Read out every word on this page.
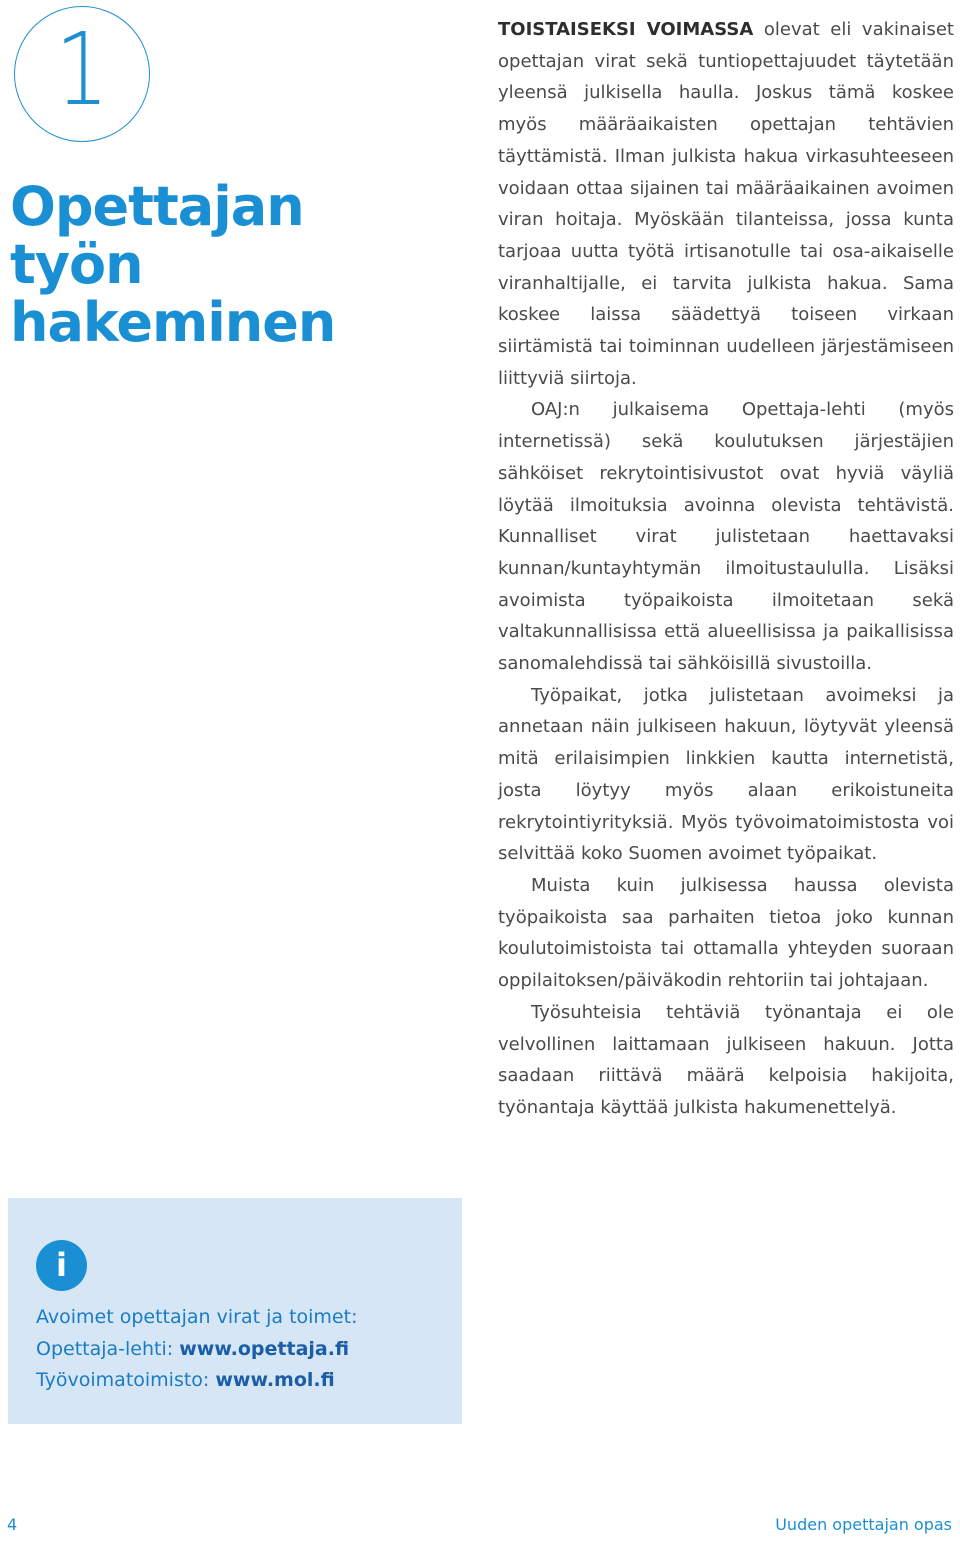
1
Opettajan
työn
hakeminen

TOISTAISEKSI VOIMASSA olevat eli vakinaiset opettajan virat sekä tuntiopettajuudet täytetään yleensä julkisella haulla. Joskus tämä koskee myös määräaikaisten opettajan tehtävien täyttämistä. Ilman julkista hakua virkasuhteeseen voidaan ottaa sijainen tai määräaikainen avoimen viran hoitaja. Myöskään tilanteissa, jossa kunta tarjoaa uutta työtä irtisanotulle tai osa-aikaiselle viranhaltijalle, ei tarvita julkista hakua. Sama koskee laissa säädettyä toiseen virkaan siirtämistä tai toiminnan uudelleen järjestämiseen liittyviä siirtoja.

OAJ:n julkaisema Opettaja-lehti (myös internetissä) sekä koulutuksen järjestäjien sähköiset rekrytointisivustot ovat hyviä väyliä löytää ilmoituksia avoinna olevista tehtävistä. Kunnalliset virat julistetaan haettavaksi kunnan/kuntayhtymän ilmoitustaululla. Lisäksi avoimista työpaikoista ilmoitetaan sekä valtakunnallisissa että alueellisissa ja paikallisissa sanomalehdissä tai sähköisillä sivustoilla.

Työpaikat, jotka julistetaan avoimeksi ja annetaan näin julkiseen hakuun, löytyvät yleensä mitä erilaisimpien linkkien kautta internetistä, josta löytyy myös alaan erikoistuneita rekrytointiyrityksiä. Myös työvoimatoimistosta voi selvittää koko Suomen avoimet työpaikat.

Muista kuin julkisessa haussa olevista työpaikoista saa parhaiten tietoa joko kunnan koulutoimistoista tai ottamalla yhteyden suoraan oppilaitoksen/päiväkodin rehtoriin tai johtajaan.

Työsuhteisia tehtäviä työnantaja ei ole velvollinen laittamaan julkiseen hakuun. Jotta saadaan riittävä määrä kelpoisia hakijoita, työnantaja käyttää julkista hakumenettelyä.

i
Avoimet opettajan virat ja toimet:
Opettaja-lehti: www.opettaja.fi
Työvoimatoimisto: www.mol.fi
4	Uuden opettajan opas
